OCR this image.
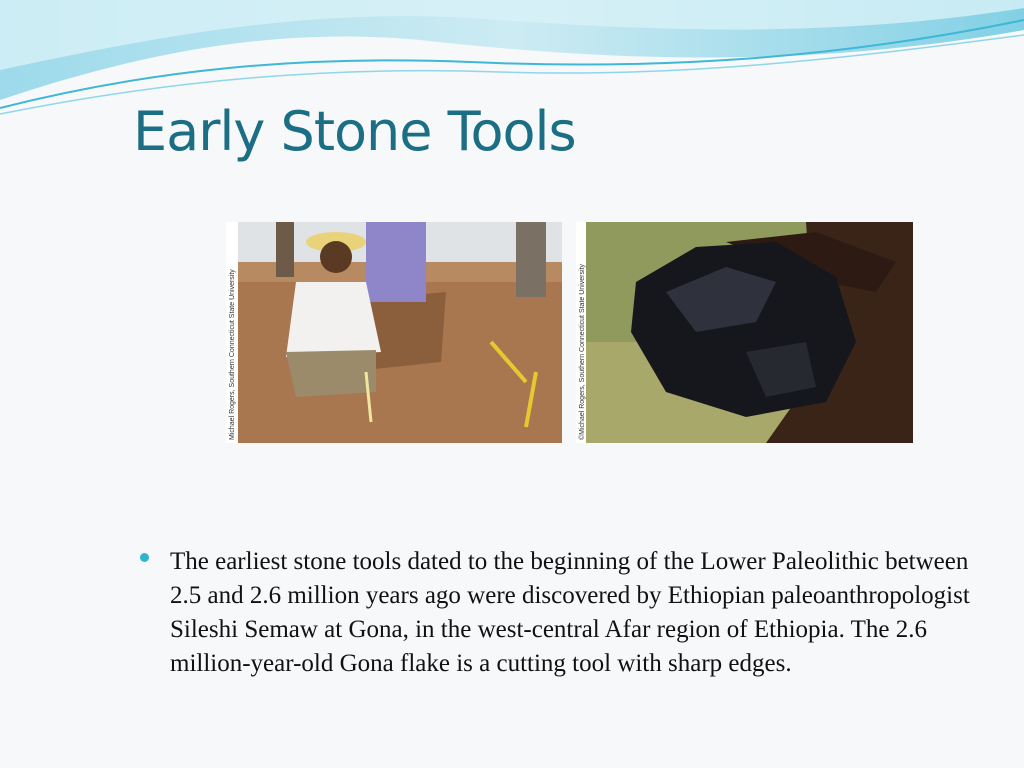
Early Stone Tools
Michael Rogers, Southern Connecticut State University	©Michael Rogers, Southern Connecticut State University
The earliest stone tools dated to the beginning of the Lower Paleolithic between 2.5 and 2.6 million years ago were discovered by Ethiopian paleoanthropologist Sileshi Semaw at Gona, in the west-central Afar region of Ethiopia. The 2.6 million-year-old Gona flake is a cutting tool with sharp edges.
